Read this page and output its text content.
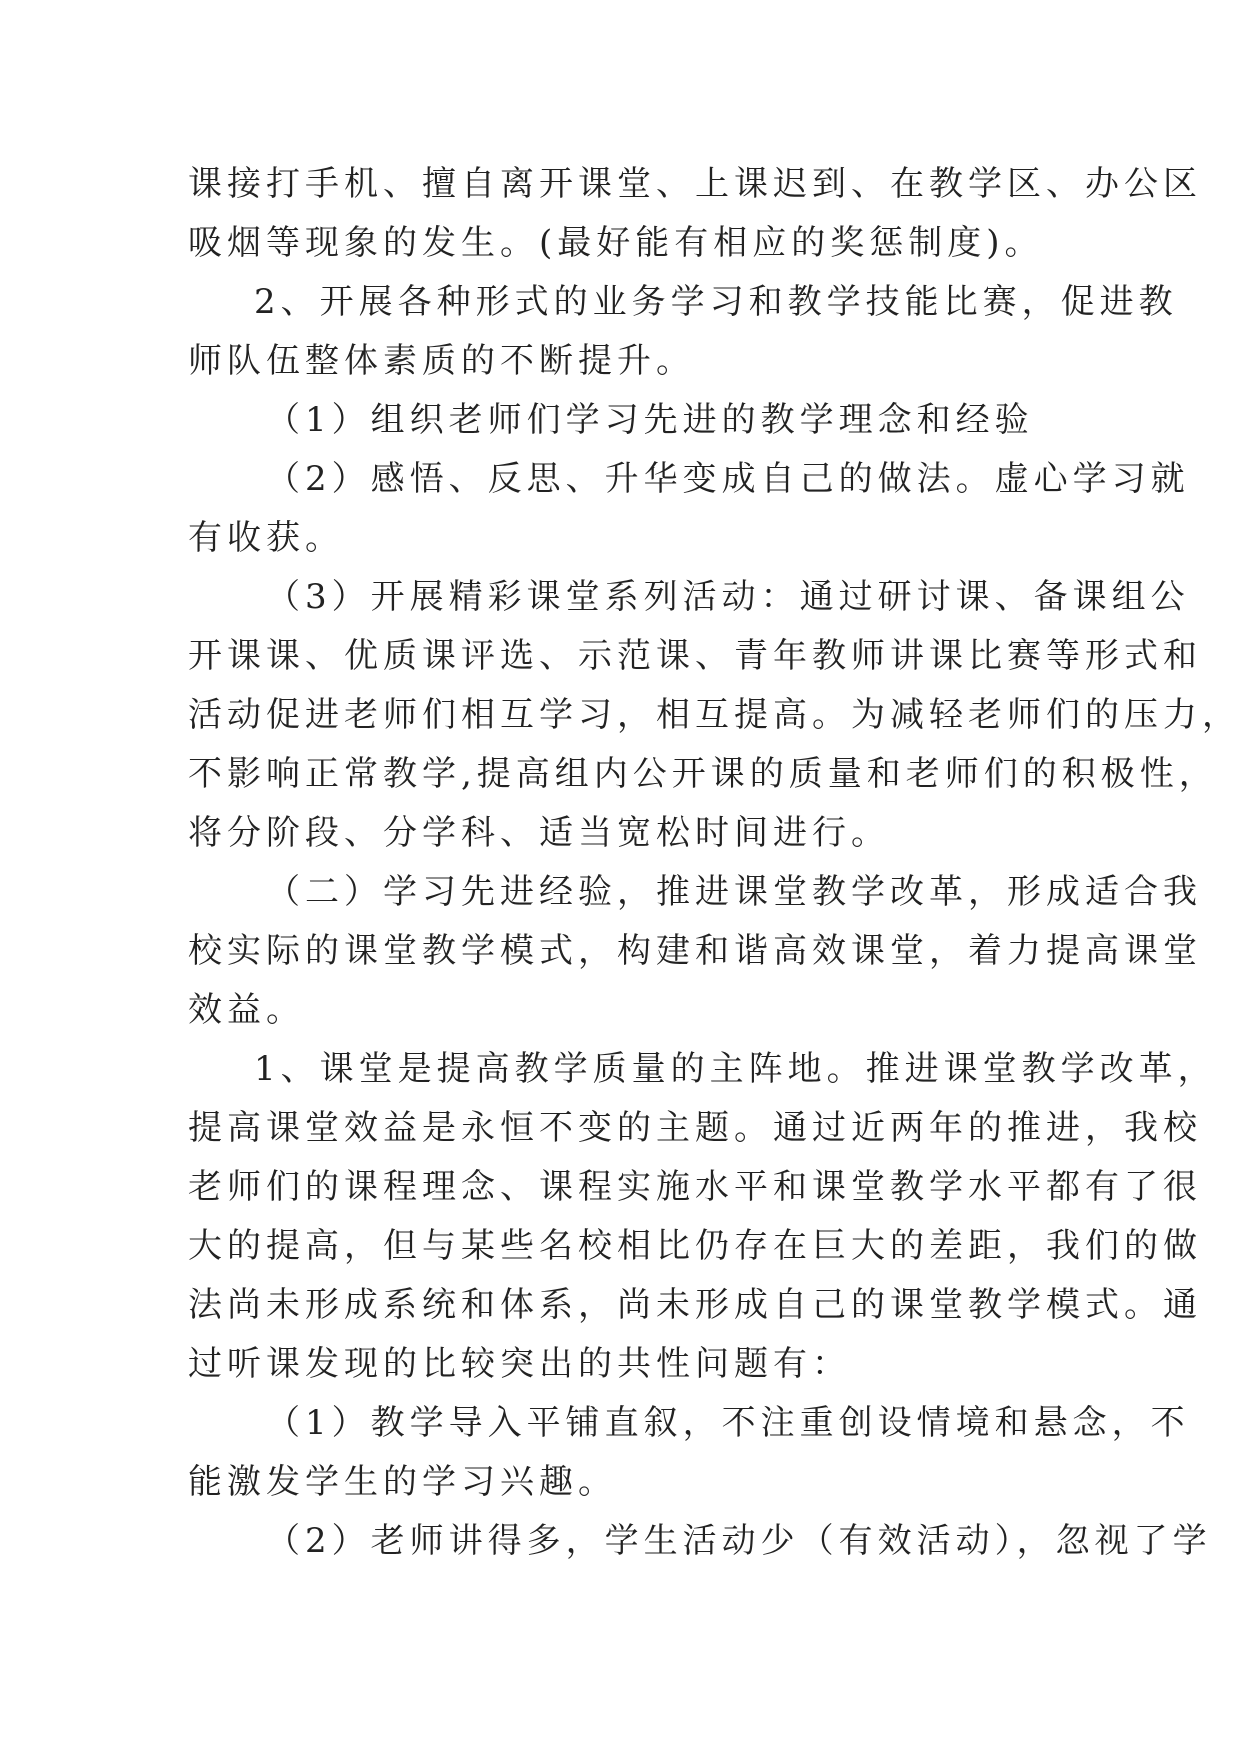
课接打手机、擅自离开课堂、上课迟到、在教学区、办公区
吸烟等现象的发生。(最好能有相应的奖惩制度)。
2、开展各种形式的业务学习和教学技能比赛，促进教
师队伍整体素质的不断提升。
（1）组织老师们学习先进的教学理念和经验
（2）感悟、反思、升华变成自己的做法。虚心学习就
有收获。
（3）开展精彩课堂系列活动：通过研讨课、备课组公
开课课、优质课评选、示范课、青年教师讲课比赛等形式和
活动促进老师们相互学习，相互提高。为减轻老师们的压力，
不影响正常教学,提高组内公开课的质量和老师们的积极性，
将分阶段、分学科、适当宽松时间进行。
（二）学习先进经验，推进课堂教学改革，形成适合我
校实际的课堂教学模式，构建和谐高效课堂，着力提高课堂
效益。
1、课堂是提高教学质量的主阵地。推进课堂教学改革，
提高课堂效益是永恒不变的主题。通过近两年的推进，我校
老师们的课程理念、课程实施水平和课堂教学水平都有了很
大的提高，但与某些名校相比仍存在巨大的差距，我们的做
法尚未形成系统和体系，尚未形成自己的课堂教学模式。通
过听课发现的比较突出的共性问题有：
（1）教学导入平铺直叙，不注重创设情境和悬念，不
能激发学生的学习兴趣。
（2）老师讲得多，学生活动少（有效活动），忽视了学
